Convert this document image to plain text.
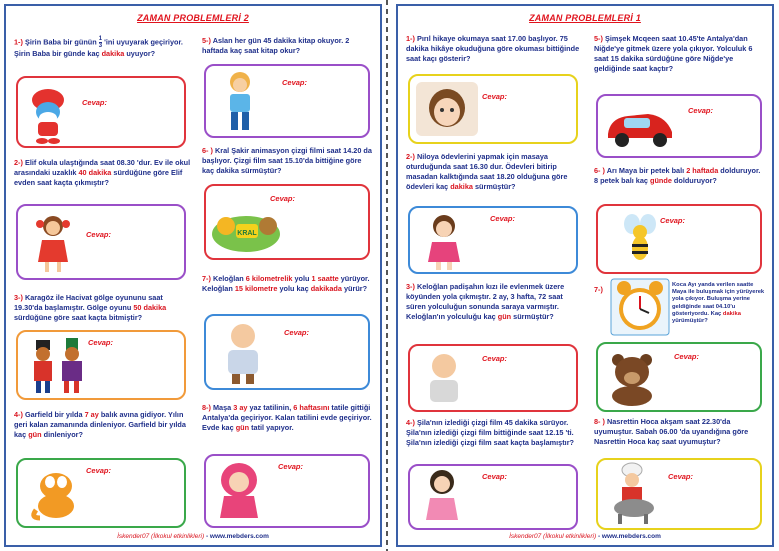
ZAMAN PROBLEMLERİ 2
1-) Şirin Baba bir günün $\frac{1}{3}$ 'ini uyuyarak geçiriyor. Şirin Baba bir günde kaç dakika uyuyor?
Cevap:
2-) Elif okula ulaştığında saat 08.30 'dur. Ev ile okul arasındaki uzaklık 40 dakika sürdüğüne göre Elif evden saat kaçta çıkmıştır?
Cevap:
3-) Karagöz ile Hacivat gölge oyununu saat 19.30'da başlamıştır. Gölge oyunu 50 dakika sürdüğüne göre saat kaçta bitmiştir?
Cevap:
4-) Garfield bir yılda 7 ay balık avına gidiyor. Yılın geri kalan zamanında dinleniyor. Garfield bir yılda kaç gün dinleniyor?
Cevap:
5-) Aslan her gün 45 dakika kitap okuyor. 2 haftada kaç saat kitap okur?
Cevap:
6- ) Kral Şakir animasyon çizgi filmi saat 14.20 da başlıyor. Çizgi film saat 15.10'da bittiğine göre kaç dakika sürmüştür?
Cevap:
KRAL
7-) Keloğlan 6 kilometrelik yolu 1 saatte yürüyor. Keloğlan 15 kilometre yolu kaç dakikada yürür?
Cevap:
8-) Maşa 3 ay yaz tatilinin, 6 haftasını tatile gittiği Antalya'da geçiriyor. Kalan tatilini evde geçiriyor. Evde kaç gün tatil yapıyor.
Cevap:
İskender07 (İlkokul etkinlikleri) - www.mebders.com
ZAMAN PROBLEMLERİ 1
1-) Pırıl hikaye okumaya saat 17.00 başlıyor. 75 dakika hikâye okuduğuna göre okuması bittiğinde saat kaçı gösterir?
Cevap:
2-) Niloya ödevlerini yapmak için masaya oturduğunda saat 16.30 dur. Ödevleri bitirip masadan kalktığında saat 18.20 olduğuna göre ödevleri kaç dakika sürmüştür?
Cevap:
3-) Keloğlan padişahın kızı ile evlenmek üzere köyünden yola çıkmıştır. 2 ay, 3 hafta, 72 saat süren yolculuğun sonunda saraya varmıştır. Keloğlan'ın yolculuğu kaç gün sürmüştür?
Cevap:
4-) Şila'nın izlediği çizgi film 45 dakika sürüyor. Şila'nın izlediği çizgi film bittiğinde saat 12.15 'ti. Şila'nın izlediği çizgi film saat kaçta başlamıştır?
Cevap:
5-) Şimşek Mcqeen saat 10.45'te Antalya'dan Niğde'ye gitmek üzere yola çıkıyor. Yolculuk 6 saat 15 dakika sürdüğüne göre Niğde'ye geldiğinde saat kaçtır?
Cevap:
6- ) Arı Maya bir petek balı 2 haftada dolduruyor. 8 petek balı kaç günde dolduruyor?
Cevap:
7-)	Koca Ayı yanda verilen saatte Maya ile buluşmak için yürüyerek yola çıkıyor. Buluşma yerine geldiğinde saat 04.10'u gösteriyordu. Kaç dakika yürümüştür?
Cevap:
8- ) Nasrettin Hoca akşam saat 22.30'da uyumuştur. Sabah 06.00 'da uyandığına göre Nasrettin Hoca kaç saat uyumuştur?
Cevap:
İskender07 (İlkokul etkinlikleri) - www.mebders.com
